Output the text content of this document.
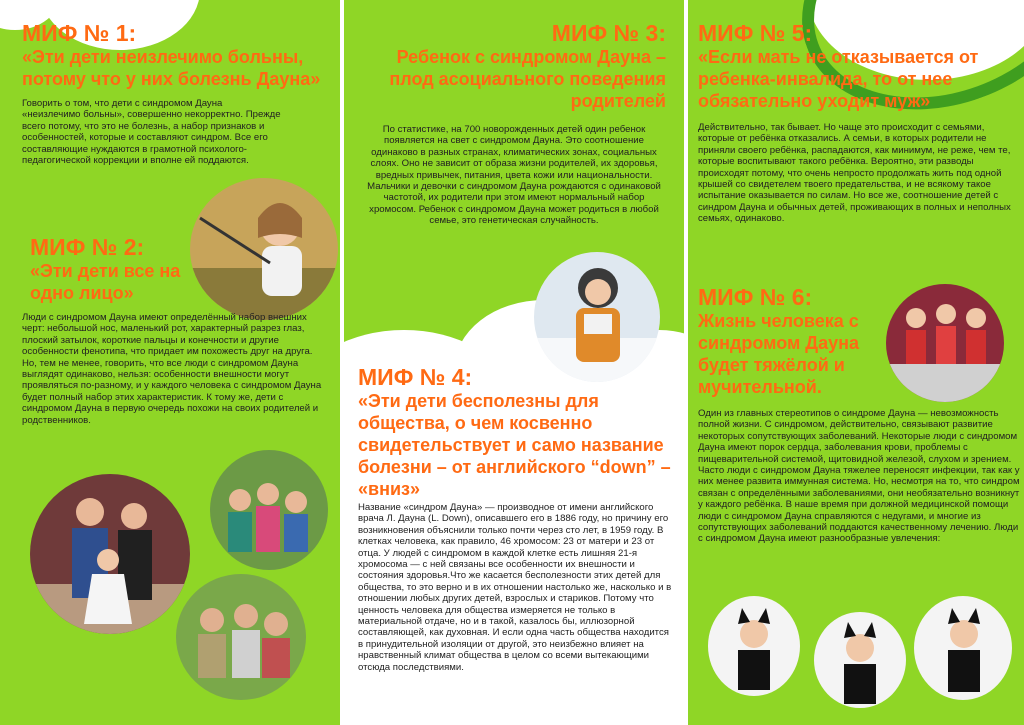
МИФ № 1:
«Эти дети неизлечимо больны, потому что у них болезнь Дауна»

Говорить о том, что дети с синдромом Дауна «неизлечимо больны», совершенно некорректно. Прежде всего потому, что это не болезнь, а набор признаков и особенностей, которые и составляют синдром. Все его составляющие нуждаются в грамотной психолого-педагогической коррекции и вполне ей поддаются.

МИФ № 2:
«Эти дети все на одно лицо»

Люди с синдромом Дауна имеют определённый набор внешних черт: небольшой нос, маленький рот, характерный разрез глаз, плоский затылок, короткие пальцы и конечности и другие особенности фенотипа, что придает им похожесть друг на друга. Но, тем не менее, говорить, что все люди с синдромом Дауна выглядят одинаково, нельзя: особенности внешности могут проявляться по-разному, и у каждого человека с синдромом Дауна будет полный набор этих характеристик. К тому же, дети с синдромом Дауна в первую очередь похожи на своих родителей и родственников.

МИФ № 3:
Ребенок с синдромом Дауна – плод асоциального поведения родителей

По статистике, на 700 новорожденных детей один ребенок появляется на свет с синдромом Дауна. Это соотношение одинаково в разных странах, климатических зонах, социальных слоях. Оно не зависит от образа жизни родителей, их здоровья, вредных привычек, питания, цвета кожи или национальности. Мальчики и девочки с синдромом Дауна рождаются с одинаковой частотой, их родители при этом имеют нормальный набор хромосом. Ребенок с синдромом Дауна может родиться в любой семье, это генетическая случайность.

МИФ № 4:
«Эти дети бесполезны для общества, о чем косвенно свидетельствует и само название болезни – от английского “down” – «вниз»

Название «синдром Дауна» — производное от имени английского врача Л. Дауна (L. Down), описавшего его в 1886 году, но причину его возникновения объяснили только почти через сто лет, в 1959 году. В клетках человека, как правило, 46 хромосом: 23 от матери и 23 от отца. У людей с синдромом в каждой клетке есть лишняя 21-я хромосома — с ней связаны все особенности их внешности и состояния здоровья.Что же касается бесполезности этих детей для общества, то это верно и в их отношении настолько же, насколько и в отношении любых других детей, взрослых и стариков. Потому что ценность человека для общества измеряется не только в материальной отдаче, но и в такой, казалось бы, иллюзорной составляющей, как духовная. И если одна часть общества находится в принудительной изоляции от другой, это неизбежно влияет на нравственный климат общества в целом со всеми вытекающими отсюда последствиями.

МИФ № 5:
«Если мать не отказывается от ребенка-инвалида, то от нее обязательно уходит муж»

Действительно, так бывает. Но чаще это происходит с семьями, которые от ребёнка отказались. А семьи, в которых родители не приняли своего ребёнка, распадаются, как минимум, не реже, чем те, которые воспитывают такого ребёнка. Вероятно, эти разводы происходят потому, что очень непросто продолжать жить под одной крышей со свидетелем твоего предательства, и не всякому такое испытание оказывается по силам. Но все же, соотношение детей с синдром Дауна и обычных детей, проживающих в полных и неполных семьях, одинаково.

МИФ № 6:
Жизнь человека с синдромом Дауна будет тяжёлой и мучительной.

Один из главных стереотипов о синдроме Дауна — невозможность полной жизни. С синдромом, действительно, связывают развитие некоторых сопутствующих заболеваний. Некоторые люди с синдромом Дауна имеют порок сердца, заболевания крови, проблемы с пищеварительной системой, щитовидной железой, слухом и зрением. Часто люди с синдромом Дауна тяжелее переносят инфекции, так как у них менее развита иммунная система. Но, несмотря на то, что синдром связан с определёнными заболеваниями, они необязательно возникнут у каждого ребёнка. В наше время при должной медицинской помощи люди с синдромом Дауна справляются с недугами, и многие из сопутствующих заболеваний поддаются качественному лечению. Люди с синдромом Дауна имеют разнообразные увлечения:
